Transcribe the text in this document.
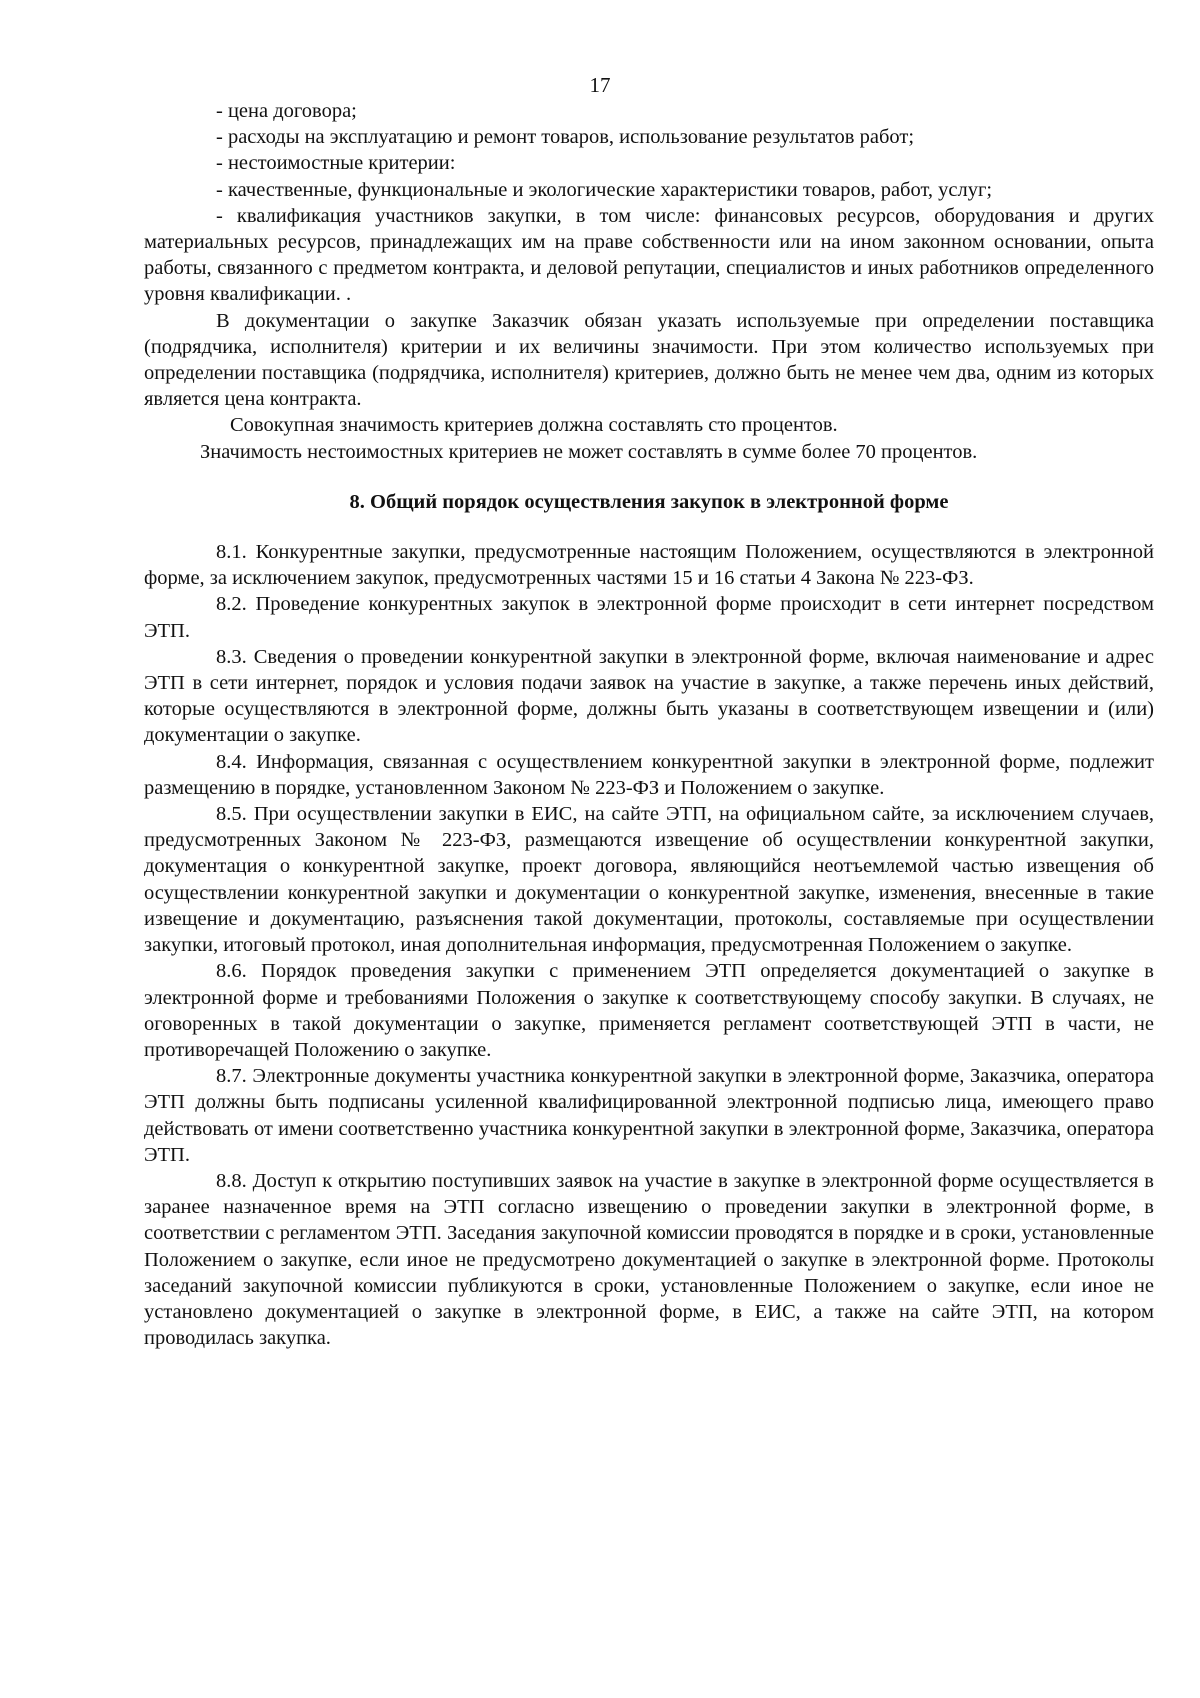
17

- цена договора;

- расходы на эксплуатацию и ремонт товаров, использование результатов работ;

- нестоимостные критерии:

- качественные, функциональные и экологические характеристики товаров, работ, услуг;

- квалификация участников закупки, в том числе: финансовых ресурсов, оборудования и других материальных ресурсов, принадлежащих им на праве собственности или на ином законном основании, опыта работы, связанного с предметом контракта, и деловой репутации, специалистов и иных работников определенного уровня квалификации. .

В документации о закупке Заказчик обязан указать используемые при определении поставщика (подрядчика, исполнителя) критерии и их величины значимости. При этом количество используемых при определении поставщика (подрядчика, исполнителя) критериев, должно быть не менее чем два, одним из которых является цена контракта.

Совокупная значимость критериев должна составлять сто процентов.

Значимость нестоимостных критериев не может составлять в сумме более 70 процентов.

8. Общий порядок осуществления закупок в электронной форме

8.1. Конкурентные закупки, предусмотренные настоящим Положением, осуществляются в электронной форме, за исключением закупок, предусмотренных частями 15 и 16 статьи 4 Закона № 223-ФЗ.

8.2. Проведение конкурентных закупок в электронной форме происходит в сети интернет посредством ЭТП.

8.3. Сведения о проведении конкурентной закупки в электронной форме, включая наименование и адрес ЭТП в сети интернет, порядок и условия подачи заявок на участие в закупке, а также перечень иных действий, которые осуществляются в электронной форме, должны быть указаны в соответствующем извещении и (или) документации о закупке.

8.4. Информация, связанная с осуществлением конкурентной закупки в электронной форме, подлежит размещению в порядке, установленном Законом № 223-ФЗ и Положением о закупке.

8.5. При осуществлении закупки в ЕИС, на сайте ЭТП, на официальном сайте, за исключением случаев, предусмотренных Законом № 223-ФЗ, размещаются извещение об осуществлении конкурентной закупки, документация о конкурентной закупке, проект договора, являющийся неотъемлемой частью извещения об осуществлении конкурентной закупки и документации о конкурентной закупке, изменения, внесенные в такие извещение и документацию, разъяснения такой документации, протоколы, составляемые при осуществлении закупки, итоговый протокол, иная дополнительная информация, предусмотренная Положением о закупке.

8.6. Порядок проведения закупки с применением ЭТП определяется документацией о закупке в электронной форме и требованиями Положения о закупке к соответствующему способу закупки. В случаях, не оговоренных в такой документации о закупке, применяется регламент соответствующей ЭТП в части, не противоречащей Положению о закупке.

8.7. Электронные документы участника конкурентной закупки в электронной форме, Заказчика, оператора ЭТП должны быть подписаны усиленной квалифицированной электронной подписью лица, имеющего право действовать от имени соответственно участника конкурентной закупки в электронной форме, Заказчика, оператора ЭТП.

8.8. Доступ к открытию поступивших заявок на участие в закупке в электронной форме осуществляется в заранее назначенное время на ЭТП согласно извещению о проведении закупки в электронной форме, в соответствии с регламентом ЭТП. Заседания закупочной комиссии проводятся в порядке и в сроки, установленные Положением о закупке, если иное не предусмотрено документацией о закупке в электронной форме. Протоколы заседаний закупочной комиссии публикуются в сроки, установленные Положением о закупке, если иное не установлено документацией о закупке в электронной форме, в ЕИС, а также на сайте ЭТП, на котором проводилась закупка.
